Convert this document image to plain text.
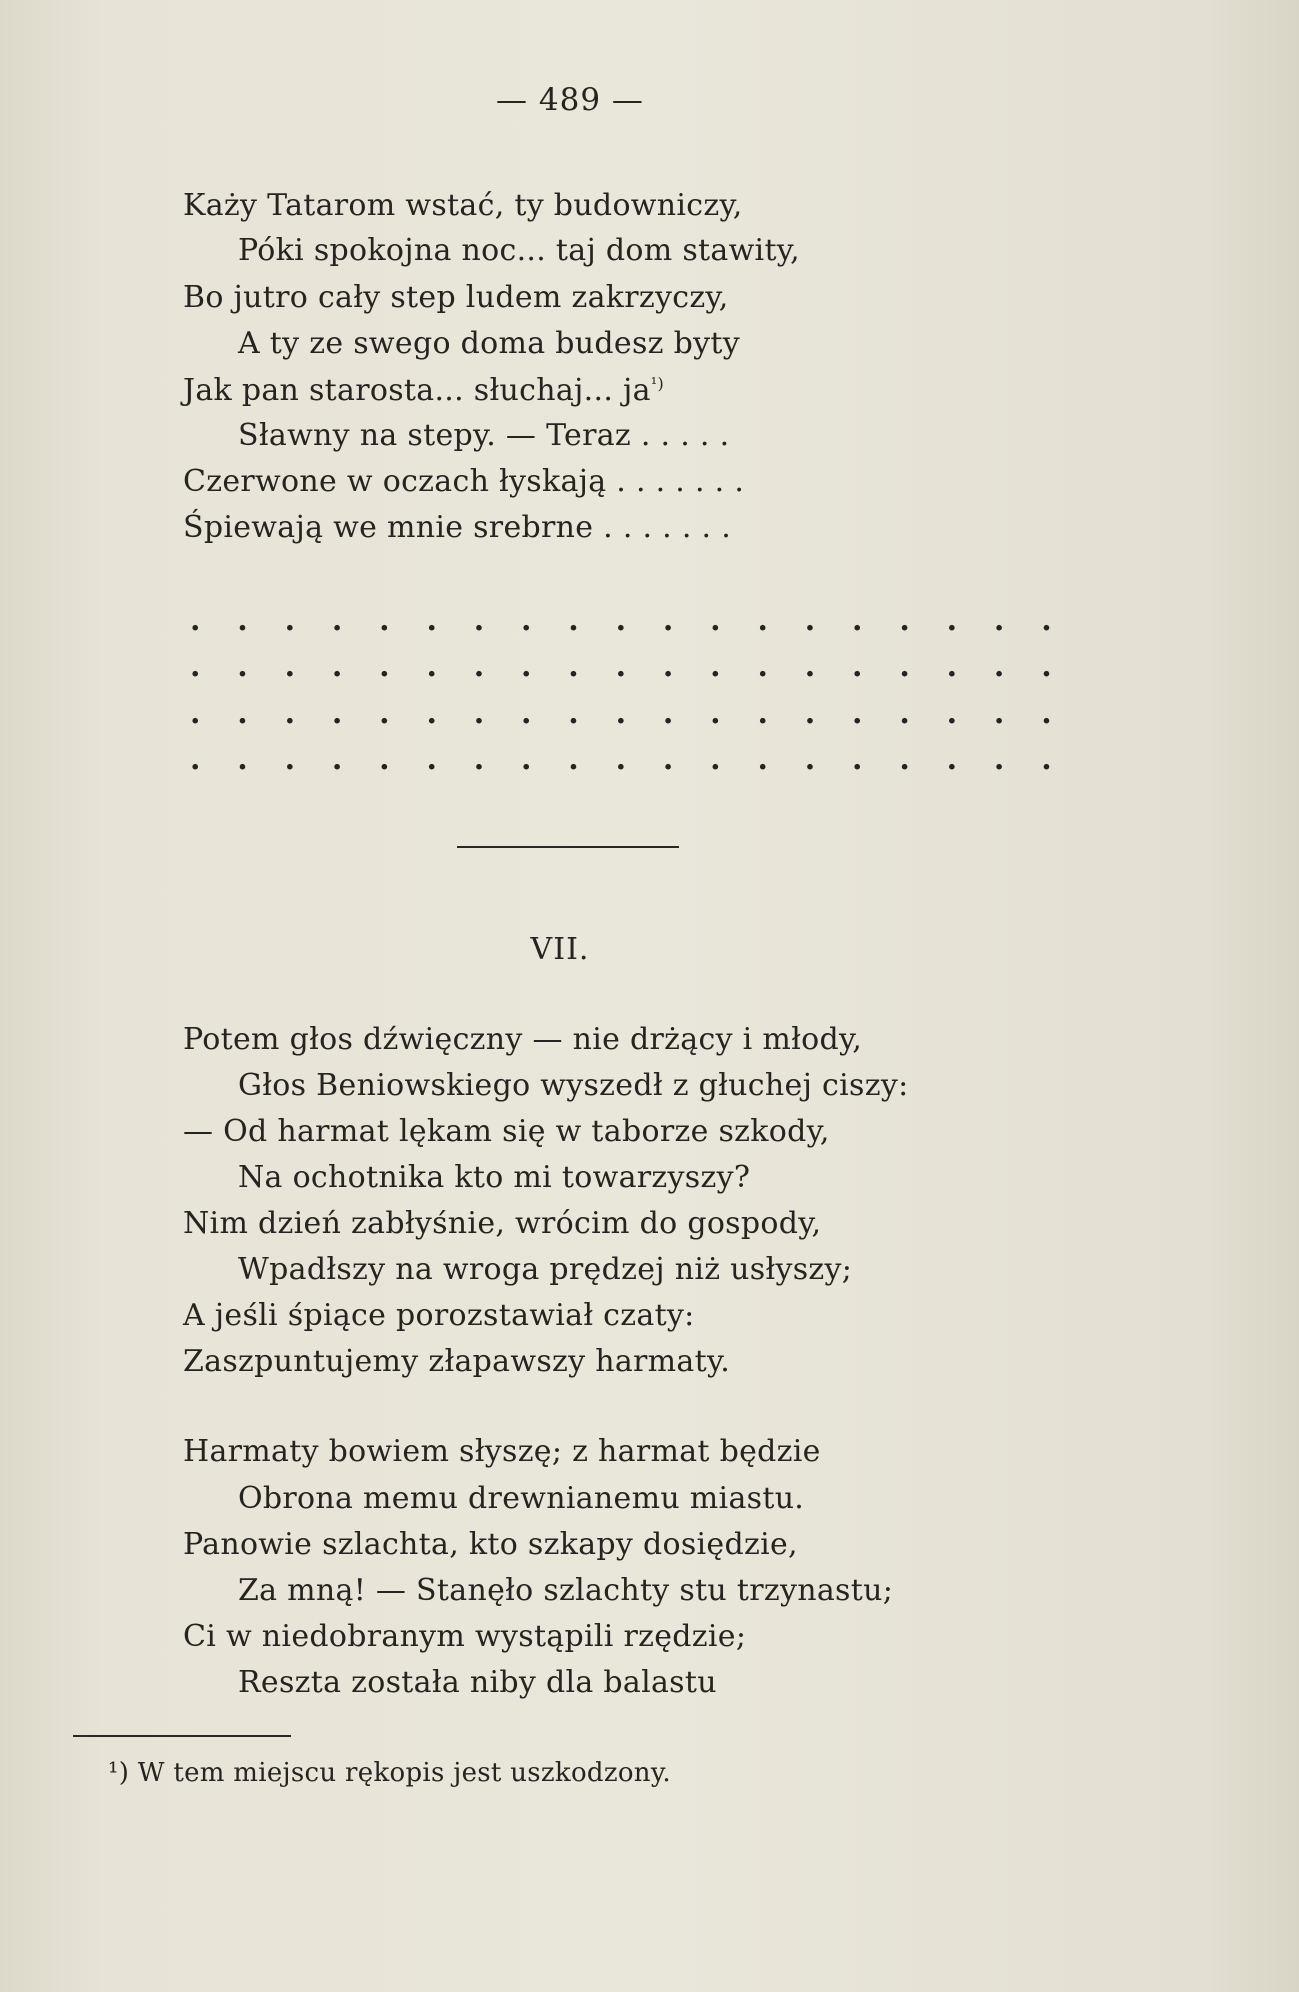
— 489 —
Każy Tatarom wstać, ty budowniczy,
Póki spokojna noc... taj dom stawity,
Bo jutro cały step ludem zakrzyczy,
A ty ze swego doma budesz byty
Jak pan starosta... słuchaj... $ja^{^1)}$
Sławny na stepy. — Teraz . . . . .
Czerwone w oczach łyskają . . . . . . .
Śpiewają we mnie srebrne . . . . . . .
. . . . . . . . . . . . . . . . . . .
. . . . . . . . . . . . . . . . . . .
. . . . . . . . . . . . . . . . . . .
. . . . . . . . . . . . . . . . . . .
VII.
Potem głos dźwięczny — nie drżący i młody,
Głos Beniowskiego wyszedł z głuchej ciszy:
— Od harmat lękam się w taborze szkody,
Na ochotnika kto mi towarzyszy?
Nim dzień zabłyśnie, wrócim do gospody,
Wpadłszy na wroga prędzej niż usłyszy;
A jeśli śpiące porozstawiał czaty:
Zaszpuntujemy złapawszy harmaty.
Harmaty bowiem słyszę; z harmat będzie
Obrona memu drewnianemu miastu.
Panowie szlachta, kto szkapy dosiędzie,
Za mną! — Stanęło szlachty stu trzynastu;
Ci w niedobranym wystąpili rzędzie;
Reszta została niby dla balastu
¹) W tem miejscu rękopis jest uszkodzony.
